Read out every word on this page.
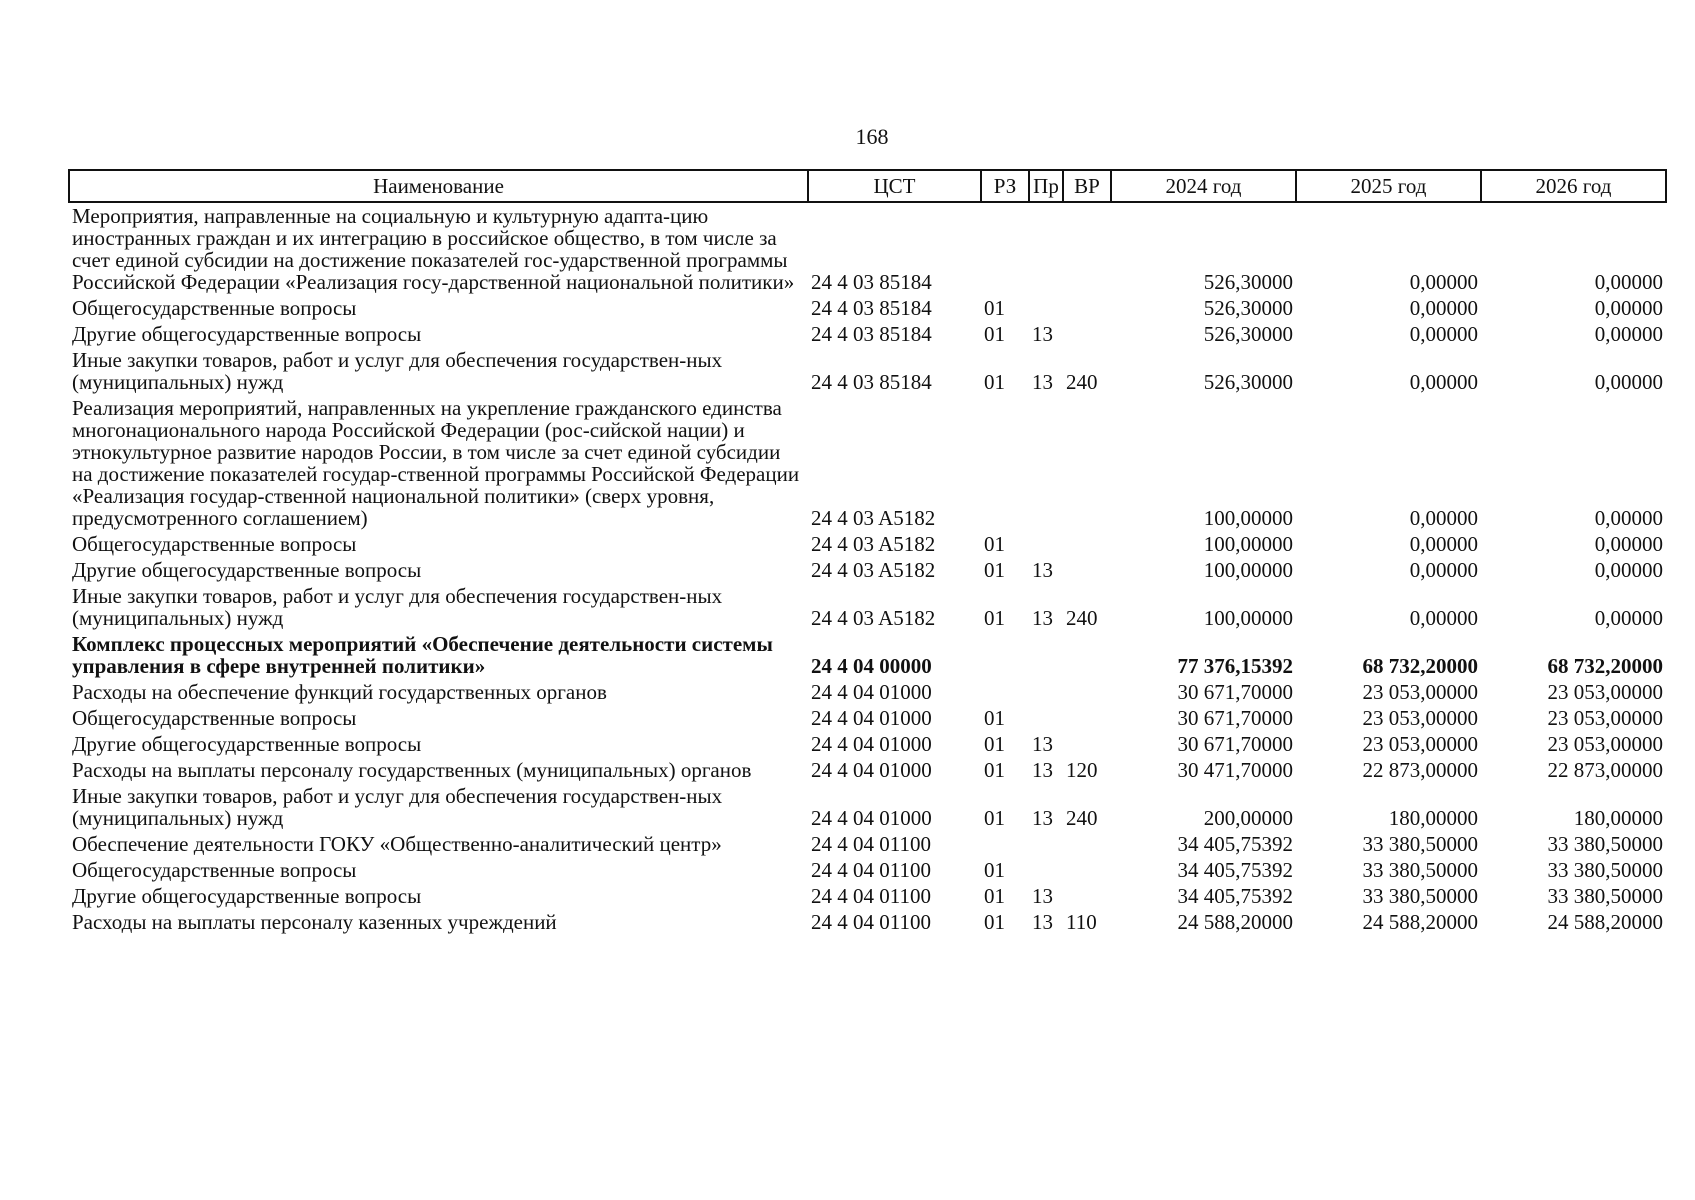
168
Наименование	ЦСТ	РЗ	Пр	ВР	2024 год	2025 год	2026 год
Мероприятия, направленные на социальную и культурную адапта-цию иностранных граждан и их интеграцию в российское общество, в том числе за счет единой субсидии на достижение показателей гос-ударственной программы Российской Федерации «Реализация госу-дарственной национальной политики»	24 4 03 85184				526,30000	0,00000	0,00000
Общегосударственные вопросы	24 4 03 85184	01			526,30000	0,00000	0,00000
Другие общегосударственные вопросы	24 4 03 85184	01	13		526,30000	0,00000	0,00000
Иные закупки товаров, работ и услуг для обеспечения государствен-ных (муниципальных) нужд	24 4 03 85184	01	13	240	526,30000	0,00000	0,00000
Реализация мероприятий, направленных на укрепление гражданского единства многонационального народа Российской Федерации (рос-сийской нации) и этнокультурное развитие народов России, в том числе за счет единой субсидии на достижение показателей государ-ственной программы Российской Федерации «Реализация государ-ственной национальной политики» (сверх уровня, предусмотренного соглашением)	24 4 03 A5182				100,00000	0,00000	0,00000
Общегосударственные вопросы	24 4 03 A5182	01			100,00000	0,00000	0,00000
Другие общегосударственные вопросы	24 4 03 A5182	01	13		100,00000	0,00000	0,00000
Иные закупки товаров, работ и услуг для обеспечения государствен-ных (муниципальных) нужд	24 4 03 A5182	01	13	240	100,00000	0,00000	0,00000
Комплекс процессных мероприятий «Обеспечение деятельности системы управления в сфере внутренней политики»	24 4 04 00000				77 376,15392	68 732,20000	68 732,20000
Расходы на обеспечение функций государственных органов	24 4 04 01000				30 671,70000	23 053,00000	23 053,00000
Общегосударственные вопросы	24 4 04 01000	01			30 671,70000	23 053,00000	23 053,00000
Другие общегосударственные вопросы	24 4 04 01000	01	13		30 671,70000	23 053,00000	23 053,00000
Расходы на выплаты персоналу государственных (муниципальных) органов	24 4 04 01000	01	13	120	30 471,70000	22 873,00000	22 873,00000
Иные закупки товаров, работ и услуг для обеспечения государствен-ных (муниципальных) нужд	24 4 04 01000	01	13	240	200,00000	180,00000	180,00000
Обеспечение деятельности ГОКУ «Общественно-аналитический центр»	24 4 04 01100				34 405,75392	33 380,50000	33 380,50000
Общегосударственные вопросы	24 4 04 01100	01			34 405,75392	33 380,50000	33 380,50000
Другие общегосударственные вопросы	24 4 04 01100	01	13		34 405,75392	33 380,50000	33 380,50000
Расходы на выплаты персоналу казенных учреждений	24 4 04 01100	01	13	110	24 588,20000	24 588,20000	24 588,20000
